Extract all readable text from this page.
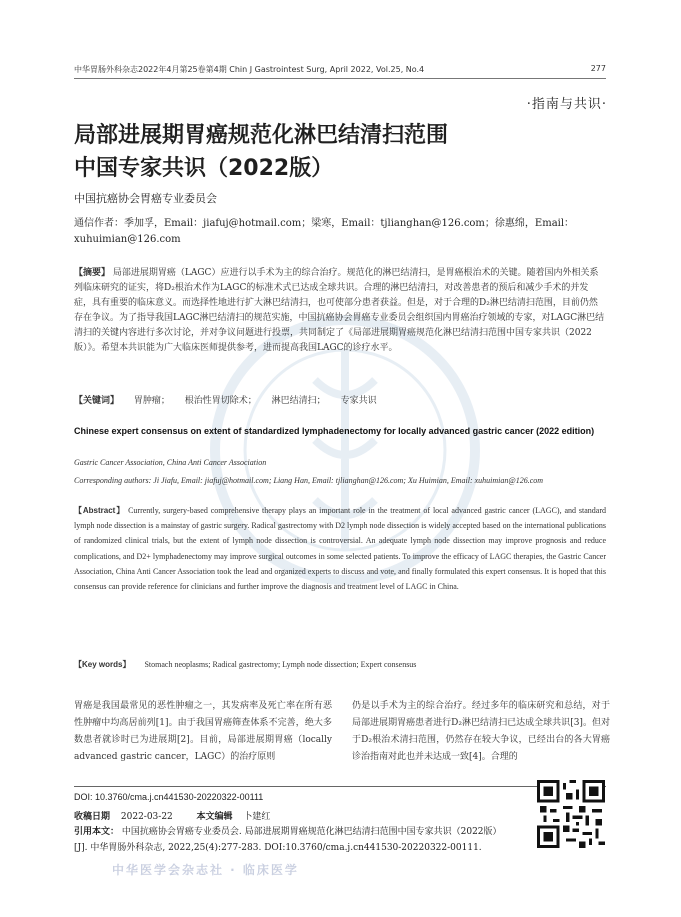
中华胃肠外科杂志2022年4月第25卷第4期 Chin J Gastrointest Surg, April 2022, Vol.25, No.4	277
·指南与共识·
局部进展期胃癌规范化淋巴结清扫范围
中国专家共识（2022版）
中国抗癌协会胃癌专业委员会
通信作者：季加孚，Email：jiafuj@hotmail.com；梁寒，Email：tjlianghan@126.com；徐惠绵，Email：xuhuimian@126.com
【摘要】 局部进展期胃癌（LAGC）应进行以手术为主的综合治疗。规范化的淋巴结清扫，是胃癌根治术的关键。随着国内外相关系列临床研究的证实，将D₂根治术作为LAGC的标准术式已达成全球共识。合理的淋巴结清扫，对改善患者的预后和减少手术的并发症，具有重要的临床意义。而选择性地进行扩大淋巴结清扫，也可使部分患者获益。但是，对于合理的D₂淋巴结清扫范围，目前仍然存在争议。为了指导我国LAGC淋巴结清扫的规范实施，中国抗癌协会胃癌专业委员会组织国内胃癌治疗领域的专家，对LAGC淋巴结清扫的关键内容进行多次讨论，并对争议问题进行投票，共同制定了《局部进展期胃癌规范化淋巴结清扫范围中国专家共识（2022版）》。希望本共识能为广大临床医师提供参考，进而提高我国LAGC的诊疗水平。
【关键词】 胃肿瘤； 根治性胃切除术； 淋巴结清扫； 专家共识
Chinese expert consensus on extent of standardized lymphadenectomy for locally advanced gastric cancer (2022 edition)
Gastric Cancer Association, China Anti Cancer Association
Corresponding authors: Ji Jiafu, Email: jiafuj@hotmail.com; Liang Han, Email: tjlianghan@126.com; Xu Huimian, Email: xuhuimian@126.com
【Abstract】 Currently, surgery-based comprehensive therapy plays an important role in the treatment of local advanced gastric cancer (LAGC), and standard lymph node dissection is a mainstay of gastric surgery. Radical gastrectomy with D2 lymph node dissection is widely accepted based on the international publications of randomized clinical trials, but the extent of lymph node dissection is controversial. An adequate lymph node dissection may improve prognosis and reduce complications, and D2+ lymphadenectomy may improve surgical outcomes in some selected patients. To improve the efficacy of LAGC therapies, the Gastric Cancer Association, China Anti Cancer Association took the lead and organized experts to discuss and vote, and finally formulated this expert consensus. It is hoped that this consensus can provide reference for clinicians and further improve the diagnosis and treatment level of LAGC in China.
【Key words】 Stomach neoplasms; Radical gastrectomy; Lymph node dissection; Expert consensus
胃癌是我国最常见的恶性肿瘤之一，其发病率及死亡率在所有恶性肿瘤中均高居前列[1]。由于我国胃癌筛查体系不完善，绝大多数患者就诊时已为进展期[2]。目前，局部进展期胃癌（locally advanced gastric cancer，LAGC）的治疗原则
仍是以手术为主的综合治疗。经过多年的临床研究和总结，对于局部进展期胃癌患者进行D₂淋巴结清扫已达成全球共识[3]。但对于D₂根治术清扫范围，仍然存在较大争议，已经出台的各大胃癌诊治指南对此也并未达成一致[4]。合理的
DOI: 10.3760/cma.j.cn441530-20220322-00111
收稿日期 2022-03-22	本文编辑 卜建红
引用本文： 中国抗癌协会胃癌专业委员会. 局部进展期胃癌规范化淋巴结清扫范围中国专家共识（2022版）[J]. 中华胃肠外科杂志, 2022,25(4):277-283. DOI:10.3760/cma.j.cn441530-20220322-00111.
中华医学会杂志社 · 临床医学
